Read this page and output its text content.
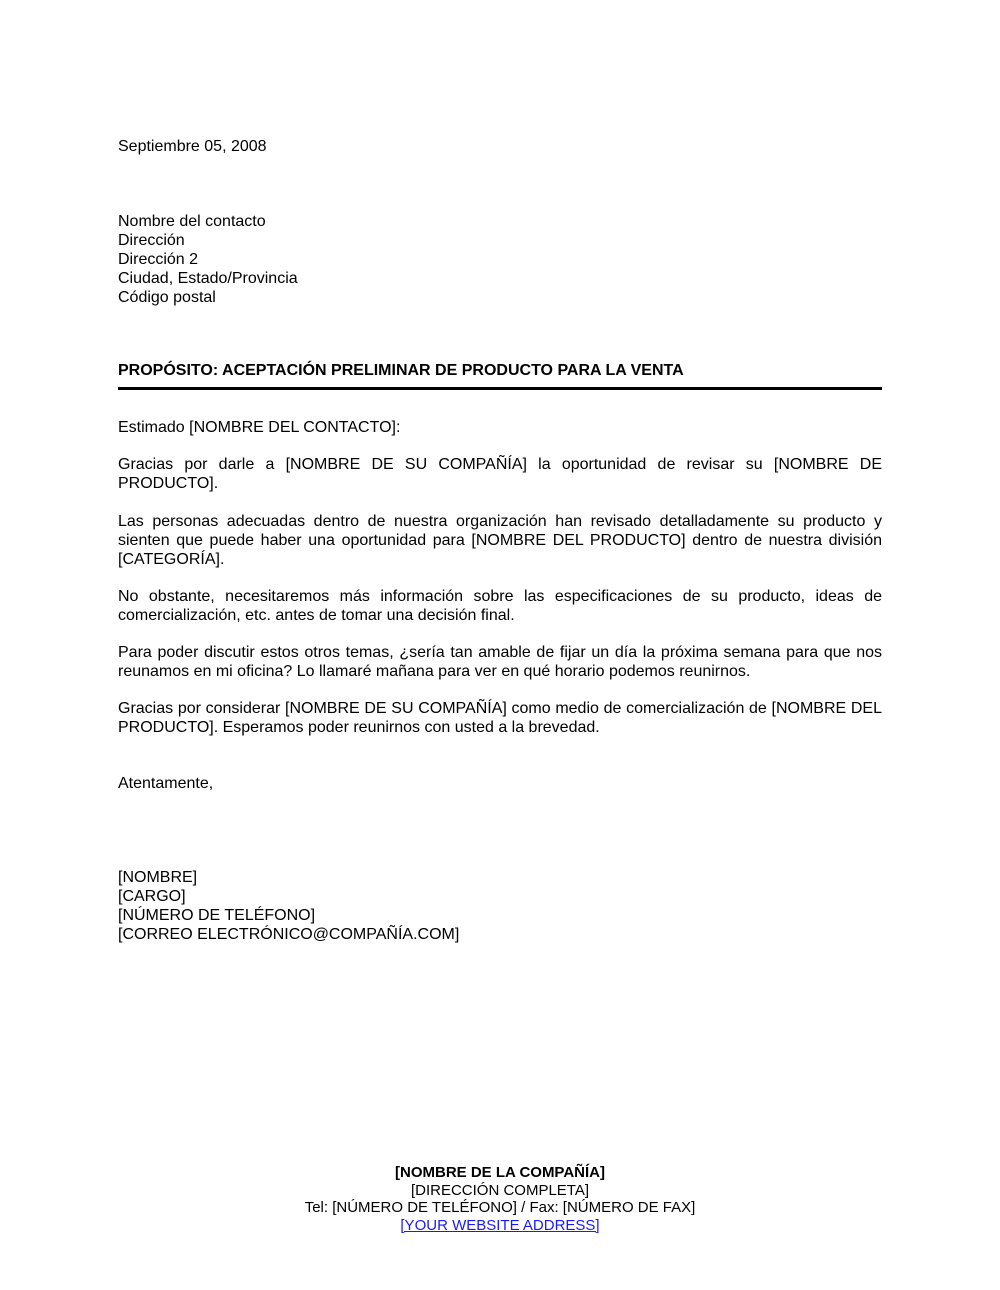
Septiembre 05, 2008
Nombre del contacto
Dirección
Dirección 2
Ciudad, Estado/Provincia
Código postal
PROPÓSITO: ACEPTACIÓN PRELIMINAR DE PRODUCTO PARA LA VENTA
Estimado [NOMBRE DEL CONTACTO]:
Gracias por darle a [NOMBRE DE SU COMPAÑÍA] la oportunidad de revisar su [NOMBRE DE PRODUCTO].
Las personas adecuadas dentro de nuestra organización han revisado detalladamente su producto y sienten que puede haber una oportunidad para [NOMBRE DEL PRODUCTO] dentro de nuestra división [CATEGORÍA].
No obstante, necesitaremos más información sobre las especificaciones de su producto, ideas de comercialización, etc. antes de tomar una decisión final.
Para poder discutir estos otros temas, ¿sería tan amable de fijar un día la próxima semana para que nos reunamos en mi oficina? Lo llamaré mañana para ver en qué horario podemos reunirnos.
Gracias por considerar [NOMBRE DE SU COMPAÑÍA] como medio de comercialización de [NOMBRE DEL PRODUCTO]. Esperamos poder reunirnos con usted a la brevedad.
Atentamente,
[NOMBRE]
[CARGO]
[NÚMERO DE TELÉFONO]
[CORREO ELECTRÓNICO@COMPAÑÍA.COM]
[NOMBRE DE LA COMPAÑÍA]
[DIRECCIÓN COMPLETA]
Tel: [NÚMERO DE TELÉFONO] / Fax: [NÚMERO DE FAX]
[YOUR WEBSITE ADDRESS]
